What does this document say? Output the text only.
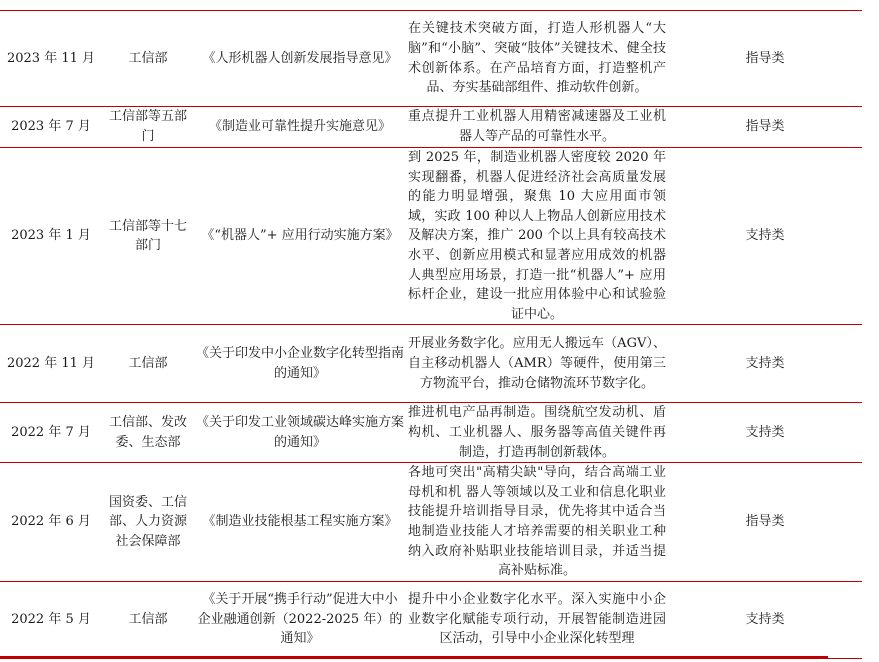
2023 年 11 月	工信部	《人形机器人创新发展指导意见》	在关键技术突破方面，打造人形机器人“大脑”和“小脑”、突破“肢体”关键技术、健全技术创新体系。在产品培育方面，打造整机产品、夯实基础部组件、推动软件创新。	指导类
2023 年 7 月	工信部等五部门	《制造业可靠性提升实施意见》	重点提升工业机器人用精密减速器及工业机器人等产品的可靠性水平。	指导类
2023 年 1 月	工信部等十七部门	《“机器人”+ 应用行动实施方案》	到 2025 年，制造业机器人密度较 2020 年实现翻番，机器人促进经济社会高质量发展的能力明显增强，聚焦 10 大应用面市领域，实政 100 种以人上物品人创新应用技术及解决方案，推广 200 个以上具有较高技术水平、创新应用模式和显著应用成效的机器人典型应用场景，打造一批“机器人”+ 应用标杆企业，建设一批应用体验中心和试验验证中心。	支持类
2022 年 11 月	工信部	《关于印发中小企业数字化转型指南的通知》	开展业务数字化。应用无人搬远车（AGV）、自主移动机器人（AMR）等硬件，使用第三方物流平台，推动仓储物流环节数字化。	支持类
2022 年 7 月	工信部、发改委、生态部	《关于印发工业领域碳达峰实施方案的通知》	推进机电产品再制造。围绕航空发动机、盾构机、工业机器人、服务器等高值关键件再制造，打造再制创新载体。	支持类
2022 年 6 月	国资委、工信部、人力资源社会保障部	《制造业技能根基工程实施方案》	各地可突出"高精尖缺"导向，结合高端工业母机和机 器人等领域以及工业和信息化职业技能提升培训指导目录，优先将其中适合当地制造业技能人才培养需要的相关职业工种纳入政府补贴职业技能培训目录，并适当提高补贴标准。	指导类
2022 年 5 月	工信部	《关于开展“携手行动”促进大中小企业融通创新（2022-2025 年）的通知》	提升中小企业数字化水平。深入实施中小企业数字化赋能专项行动，开展智能制造进园区活动，引导中小企业深化转型理	支持类
